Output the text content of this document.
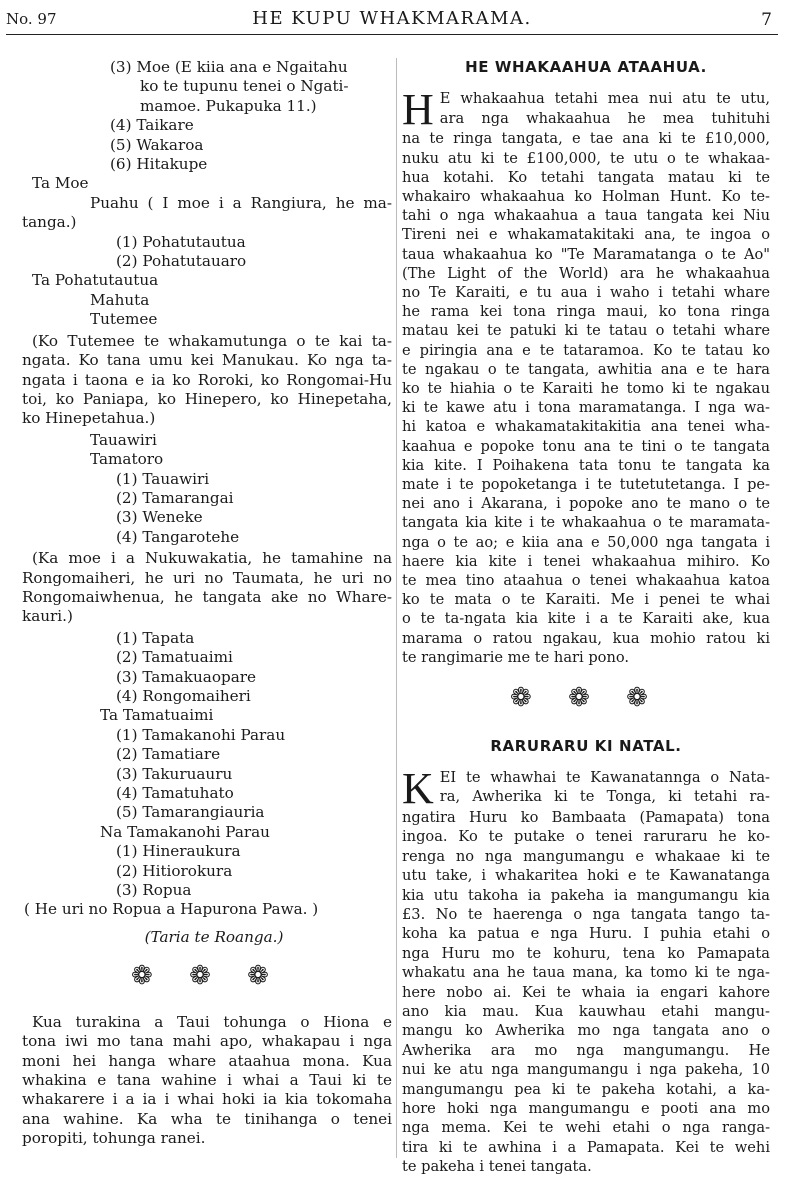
No. 97	HE KUPU WHAKMARAMA.	7
(3) Moe (E kiia ana e Ngaitahu
ko te tupunu tenei o Ngati-
mamoe. Pukapuka 11.)
(4) Taikare
(5) Wakaroa
(6) Hitakupe
Ta Moe
Puahu ( I moe i a Rangiura, he ma-
tanga.)
(1) Pohatutautua
(2) Pohatutauaro
Ta Pohatutautua
Mahuta
Tutemee
(Ko Tutemee te whakamutunga o te kai ta-
ngata. Ko tana umu kei Manukau. Ko nga ta-
ngata i taona e ia ko Roroki, ko Rongomai-Hu
toi, ko Paniapa, ko Hinepero, ko Hinepetaha,
ko Hinepetahua.)
Tauawiri
Tamatoro
(1) Tauawiri
(2) Tamarangai
(3) Weneke
(4) Tangarotehe
(Ka moe i a Nukuwakatia, he tamahine na
Rongomaiheri, he uri no Taumata, he uri no
Rongomaiwhenua, he tangata ake no Whare-
kauri.)
(1) Tapata
(2) Tamatuaimi
(3) Tamakuaopare
(4) Rongomaiheri
Ta Tamatuaimi
(1) Tamakanohi Parau
(2) Tamatiare
(3) Takuruauru
(4) Tamatuhato
(5) Tamarangiauria
Na Tamakanohi Parau
(1) Hineraukura
(2) Hitiorokura
(3) Ropua
( He uri no Ropua a Hapurona Pawa. )
(Taria te Roanga.)
❁ ❁ ❁
Kua turakina a Taui tohunga o Hiona e
tona iwi mo tana mahi apo, whakapau i nga
moni hei hanga whare ataahua mona. Kua
whakina e tana wahine i whai a Taui ki te
whakarere i a ia i whai hoki ia kia tokomaha
ana wahine. Ka wha te tinihanga o tenei
poropiti, tohunga ranei.
HE WHAKAAHUA ATAAHUA.
H E whakaahua tetahi mea nui atu te utu,
ara nga whakaahua he mea tuhituhi
na te ringa tangata, e tae ana ki te £10,000,
nuku atu ki te £100,000, te utu o te whakaa-
hua kotahi. Ko tetahi tangata matau ki te
whakairo whakaahua ko Holman Hunt. Ko te-
tahi o nga whakaahua a taua tangata kei Niu
Tireni nei e whakamatakitaki ana, te ingoa o
taua whakaahua ko "Te Maramatanga o te Ao"
(The Light of the World) ara he whakaahua
no Te Karaiti, e tu aua i waho i tetahi whare
he rama kei tona ringa maui, ko tona ringa
matau kei te patuki ki te tatau o tetahi whare
e piringia ana e te tataramoa. Ko te tatau ko
te ngakau o te tangata, awhitia ana e te hara
ko te hiahia o te Karaiti he tomo ki te ngakau
ki te kawe atu i tona maramatanga. I nga wa-
hi katoa e whakamatakitakitia ana tenei wha-
kaahua e popoke tonu ana te tini o te tangata
kia kite. I Poihakena tata tonu te tangata ka
mate i te popoketanga i te tutetutetanga. I pe-
nei ano i Akarana, i popoke ano te mano o te
tangata kia kite i te whakaahua o te maramata-
nga o te ao; e kiia ana e 50,000 nga tangata i
haere kia kite i tenei whakaahua mihiro. Ko
te mea tino ataahua o tenei whakaahua katoa
ko te mata o te Karaiti. Me i penei te whai
o te ta-ngata kia kite i a te Karaiti ake, kua
marama o ratou ngakau, kua mohio ratou ki
te rangimarie me te hari pono.
❁ ❁ ❁
RARURARU KI NATAL.
K EI te whawhai te Kawanatannga o Nata-
ra, Awherika ki te Tonga, ki tetahi ra-
ngatira Huru ko Bambaata (Pamapata) tona
ingoa. Ko te putake o tenei raruraru he ko-
renga no nga mangumangu e whakaae ki te
utu take, i whakaritea hoki e te Kawanatanga
kia utu takoha ia pakeha ia mangumangu kia
£3. No te haerenga o nga tangata tango ta-
koha ka patua e nga Huru. I puhia etahi o
nga Huru mo te kohuru, tena ko Pamapata
whakatu ana he taua mana, ka tomo ki te nga-
here nobo ai. Kei te whaia ia engari kahore
ano kia mau. Kua kauwhau etahi mangu-
mangu ko Awherika mo nga tangata ano o
Awherika ara mo nga mangumangu. He
nui ke atu nga mangumangu i nga pakeha, 10
mangumangu pea ki te pakeha kotahi, a ka-
hore hoki nga mangumangu e pooti ana mo
nga mema. Kei te wehi etahi o nga ranga-
tira ki te awhina i a Pamapata. Kei te wehi
te pakeha i tenei tangata.
